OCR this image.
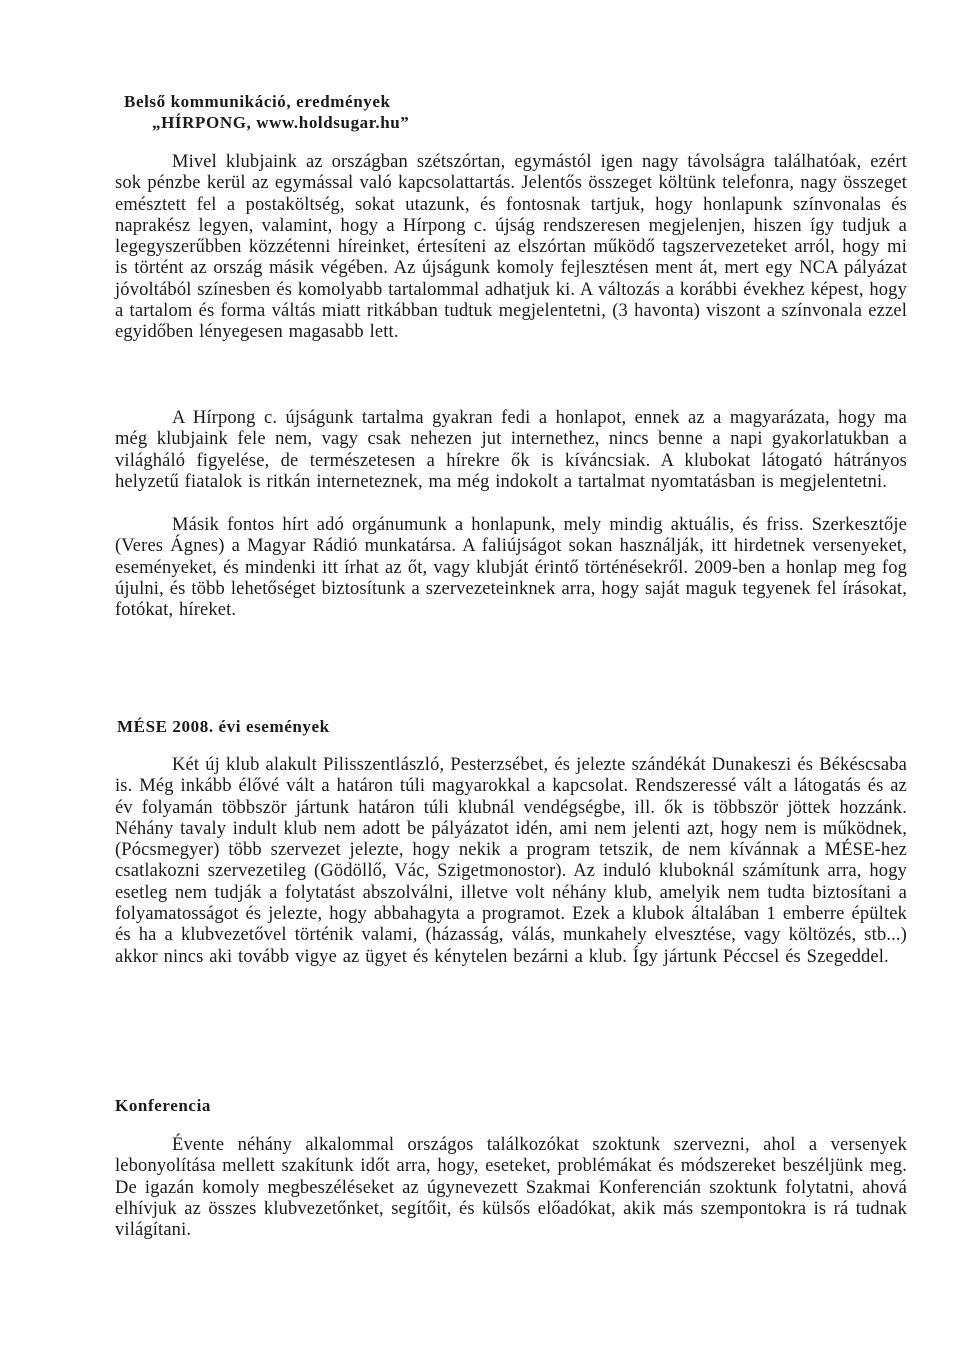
Belső kommunikáció, eredmények
„HÍRPONG, www.holdsugar.hu”

Mivel klubjaink az országban szétszórtan, egymástól igen nagy távolságra találhatóak, ezért sok pénzbe kerül az egymással való kapcsolattartás. Jelentős összeget költünk telefonra, nagy összeget emésztett fel a postaköltség, sokat utazunk, és fontosnak tartjuk, hogy honlapunk színvonalas és naprakész legyen, valamint, hogy a Hírpong c. újság rendszeresen megjelenjen, hiszen így tudjuk a legegyszerűbben közzétenni híreinket, értesíteni az elszórtan működő tagszervezeteket arról, hogy mi is történt az ország másik végében. Az újságunk komoly fejlesztésen ment át, mert egy NCA pályázat jóvoltából színesben és komolyabb tartalommal adhatjuk ki. A változás a korábbi évekhez képest, hogy a tartalom és forma váltás miatt ritkábban tudtuk megjelentetni, (3 havonta) viszont a színvonala ezzel egyidőben lényegesen magasabb lett.

A Hírpong c. újságunk tartalma gyakran fedi a honlapot, ennek az a magyarázata, hogy ma még klubjaink fele nem, vagy csak nehezen jut internethez, nincs benne a napi gyakorlatukban a világháló figyelése, de természetesen a hírekre ők is kíváncsiak. A klubokat látogató hátrányos helyzetű fiatalok is ritkán interneteznek, ma még indokolt a tartalmat nyomtatásban is megjelentetni.

Másik fontos hírt adó orgánumunk a honlapunk, mely mindig aktuális, és friss. Szerkesztője (Veres Ágnes) a Magyar Rádió munkatársa. A faliújságot sokan használják, itt hirdetnek versenyeket, eseményeket, és mindenki itt írhat az őt, vagy klubját érintő történésekről. 2009-ben a honlap meg fog újulni, és több lehetőséget biztosítunk a szervezeteinknek arra, hogy saját maguk tegyenek fel írásokat, fotókat, híreket.

MÉSE 2008. évi események

Két új klub alakult Pilisszentlászló, Pesterzsébet, és jelezte szándékát Dunakeszi és Békéscsaba is. Még inkább élővé vált a határon túli magyarokkal a kapcsolat. Rendszeressé vált a látogatás és az év folyamán többször jártunk határon túli klubnál vendégségbe, ill. ők is többször jöttek hozzánk. Néhány tavaly indult klub nem adott be pályázatot idén, ami nem jelenti azt, hogy nem is működnek, (Pócsmegyer) több szervezet jelezte, hogy nekik a program tetszik, de nem kívánnak a MÉSE-hez csatlakozni szervezetileg (Gödöllő, Vác, Szigetmonostor). Az induló kluboknál számítunk arra, hogy esetleg nem tudják a folytatást abszolválni, illetve volt néhány klub, amelyik nem tudta biztosítani a folyamatosságot és jelezte, hogy abbahagyta a programot. Ezek a klubok általában 1 emberre épültek és ha a klubvezetővel történik valami, (házasság, válás, munkahely elvesztése, vagy költözés, stb...) akkor nincs aki tovább vigye az ügyet és kénytelen bezárni a klub. Így jártunk Péccsel és Szegeddel.

Konferencia

Évente néhány alkalommal országos találkozókat szoktunk szervezni, ahol a versenyek lebonyolítása mellett szakítunk időt arra, hogy, eseteket, problémákat és módszereket beszéljünk meg. De igazán komoly megbeszéléseket az úgynevezett Szakmai Konferencián szoktunk folytatni, ahová elhívjuk az összes klubvezetőnket, segítőit, és külsős előadókat, akik más szempontokra is rá tudnak világítani.
